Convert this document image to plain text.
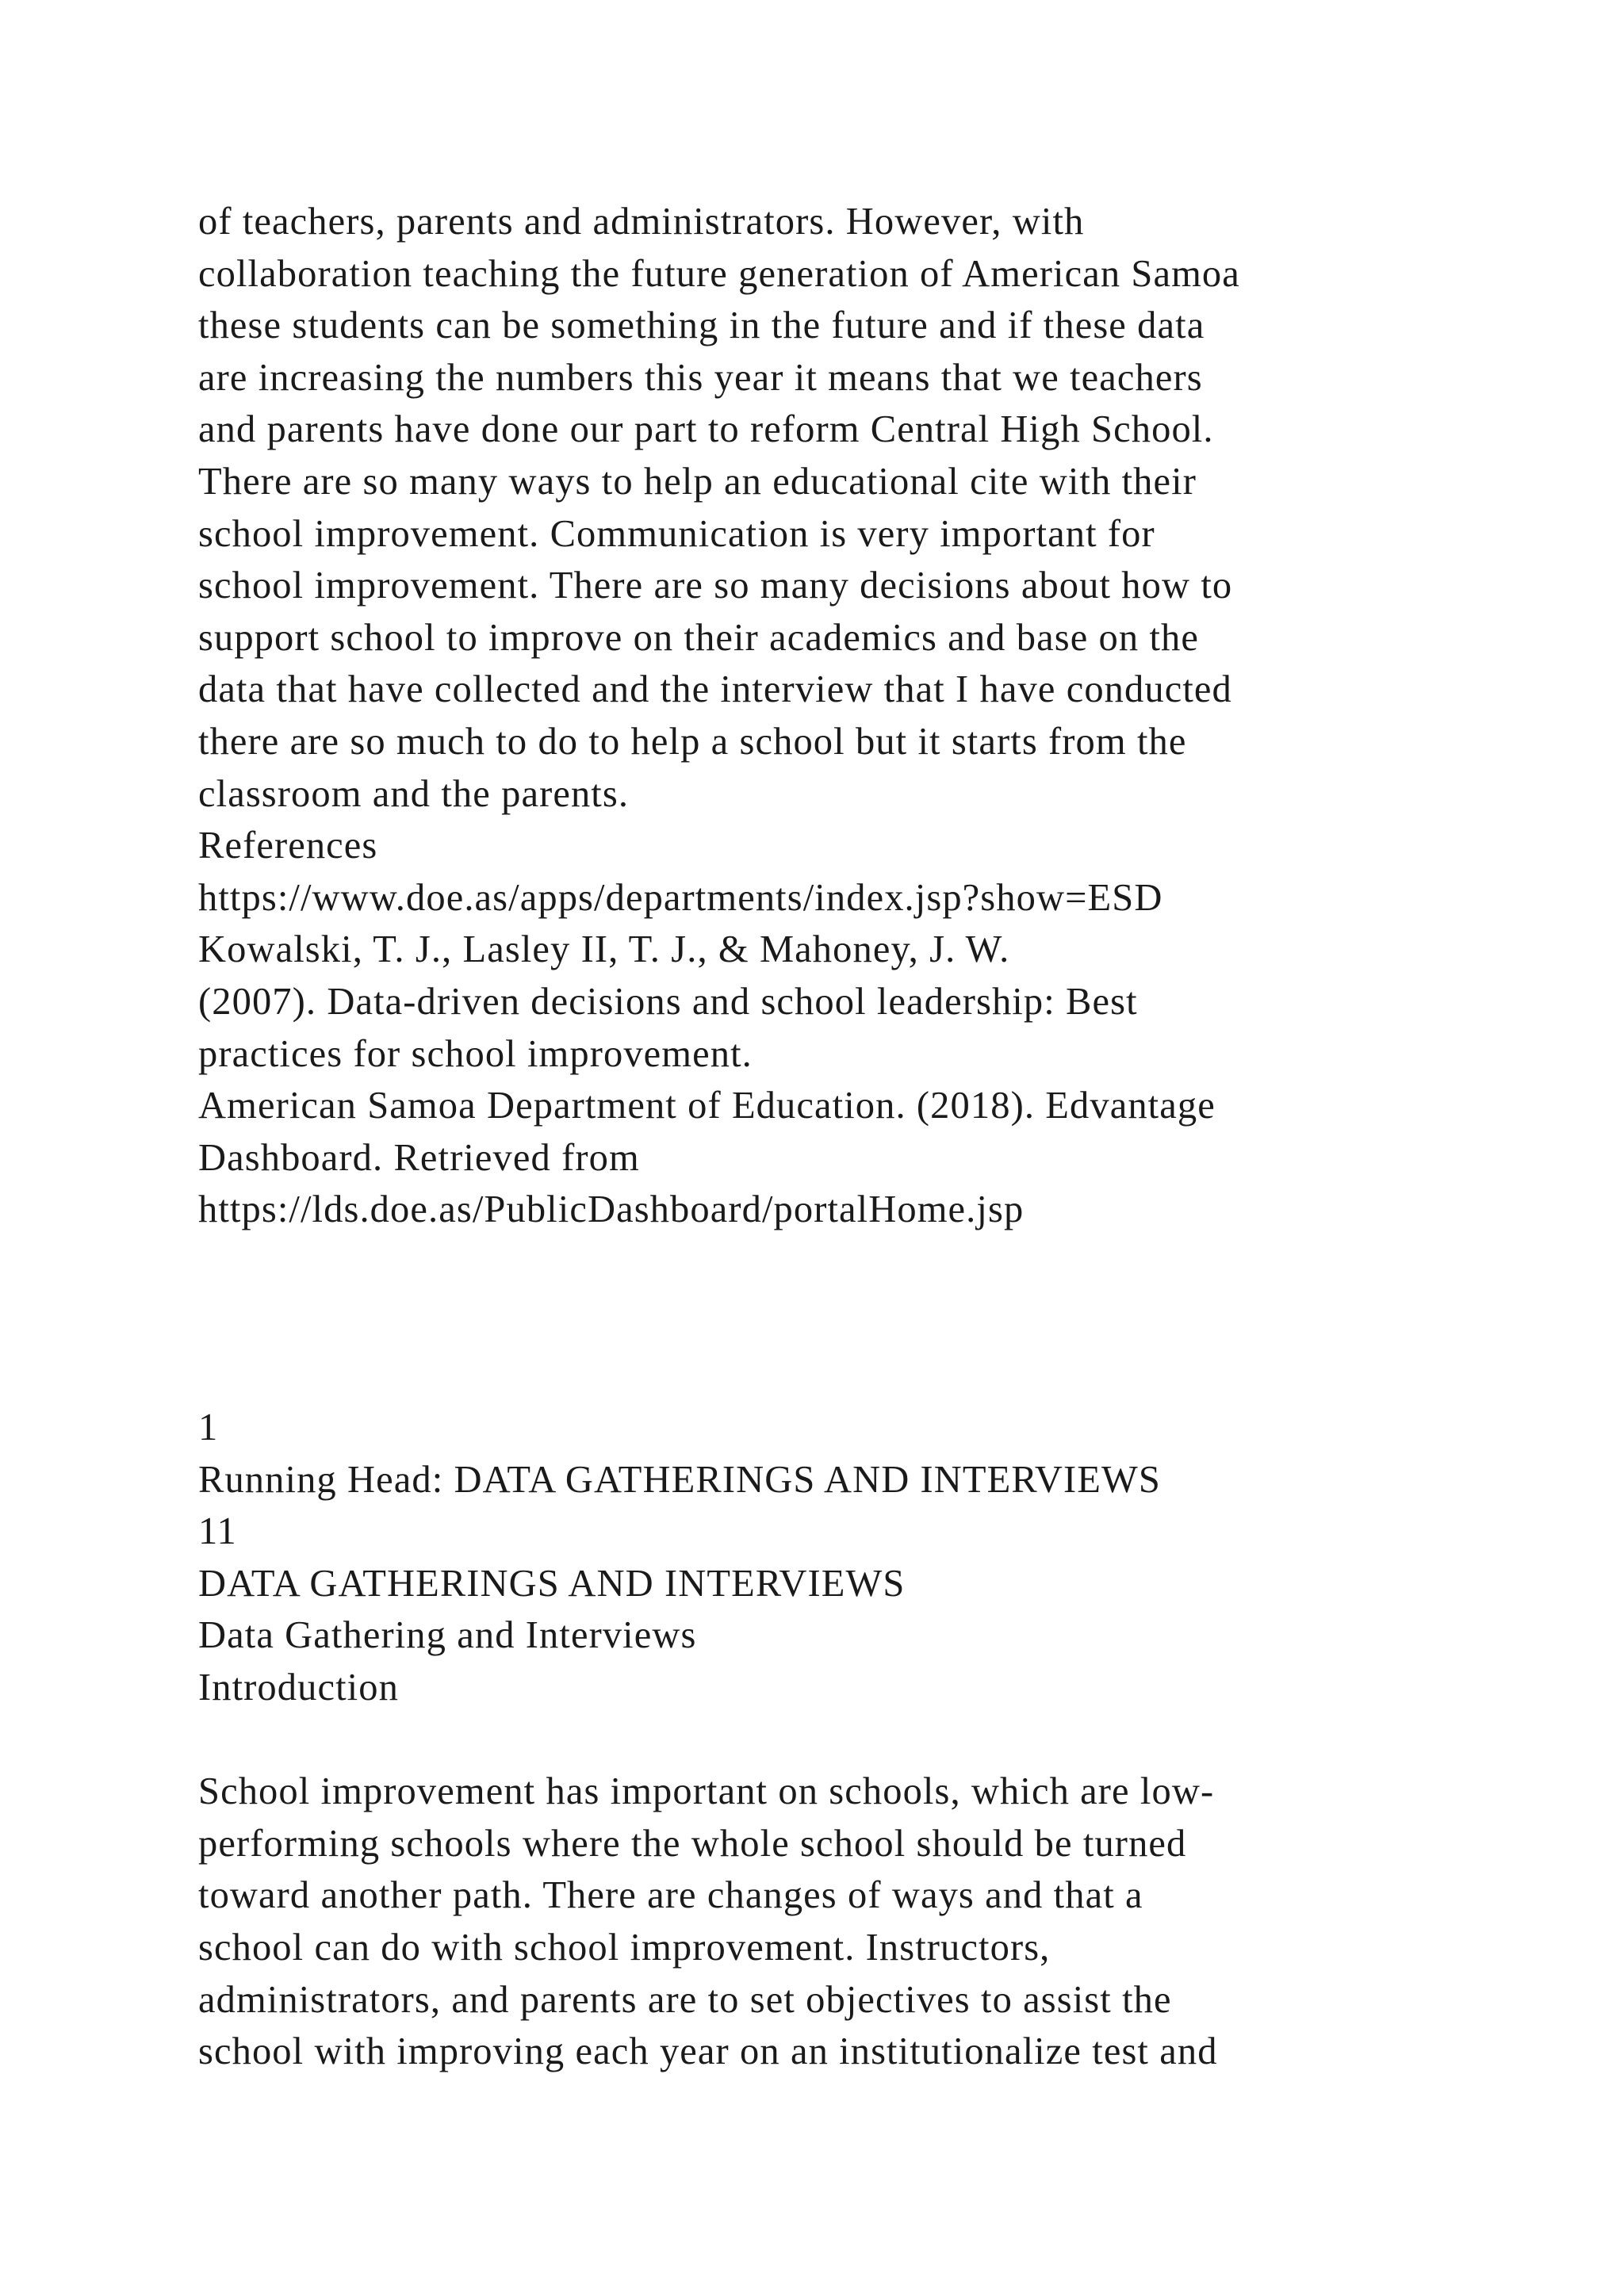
of teachers, parents and administrators. However, with
collaboration teaching the future generation of American Samoa
these students can be something in the future and if these data
are increasing the numbers this year it means that we teachers
and parents have done our part to reform Central High School.
There are so many ways to help an educational cite with their
school improvement. Communication is very important for
school improvement. There are so many decisions about how to
support school to improve on their academics and base on the
data that have collected and the interview that I have conducted
there are so much to do to help a school but it starts from the
classroom and the parents.
References
https://www.doe.as/apps/departments/index.jsp?show=ESD
Kowalski, T. J., Lasley II, T. J., & Mahoney, J. W.
(2007). Data-driven decisions and school leadership: Best
practices for school improvement.
American Samoa Department of Education. (2018). Edvantage
Dashboard. Retrieved from
https://lds.doe.as/PublicDashboard/portalHome.jsp
1
Running Head: DATA GATHERINGS AND INTERVIEWS
11
DATA GATHERINGS AND INTERVIEWS
Data Gathering and Interviews
Introduction
School improvement has important on schools, which are low-
performing schools where the whole school should be turned
toward another path. There are changes of ways and that a
school can do with school improvement. Instructors,
administrators, and parents are to set objectives to assist the
school with improving each year on an institutionalize test and
